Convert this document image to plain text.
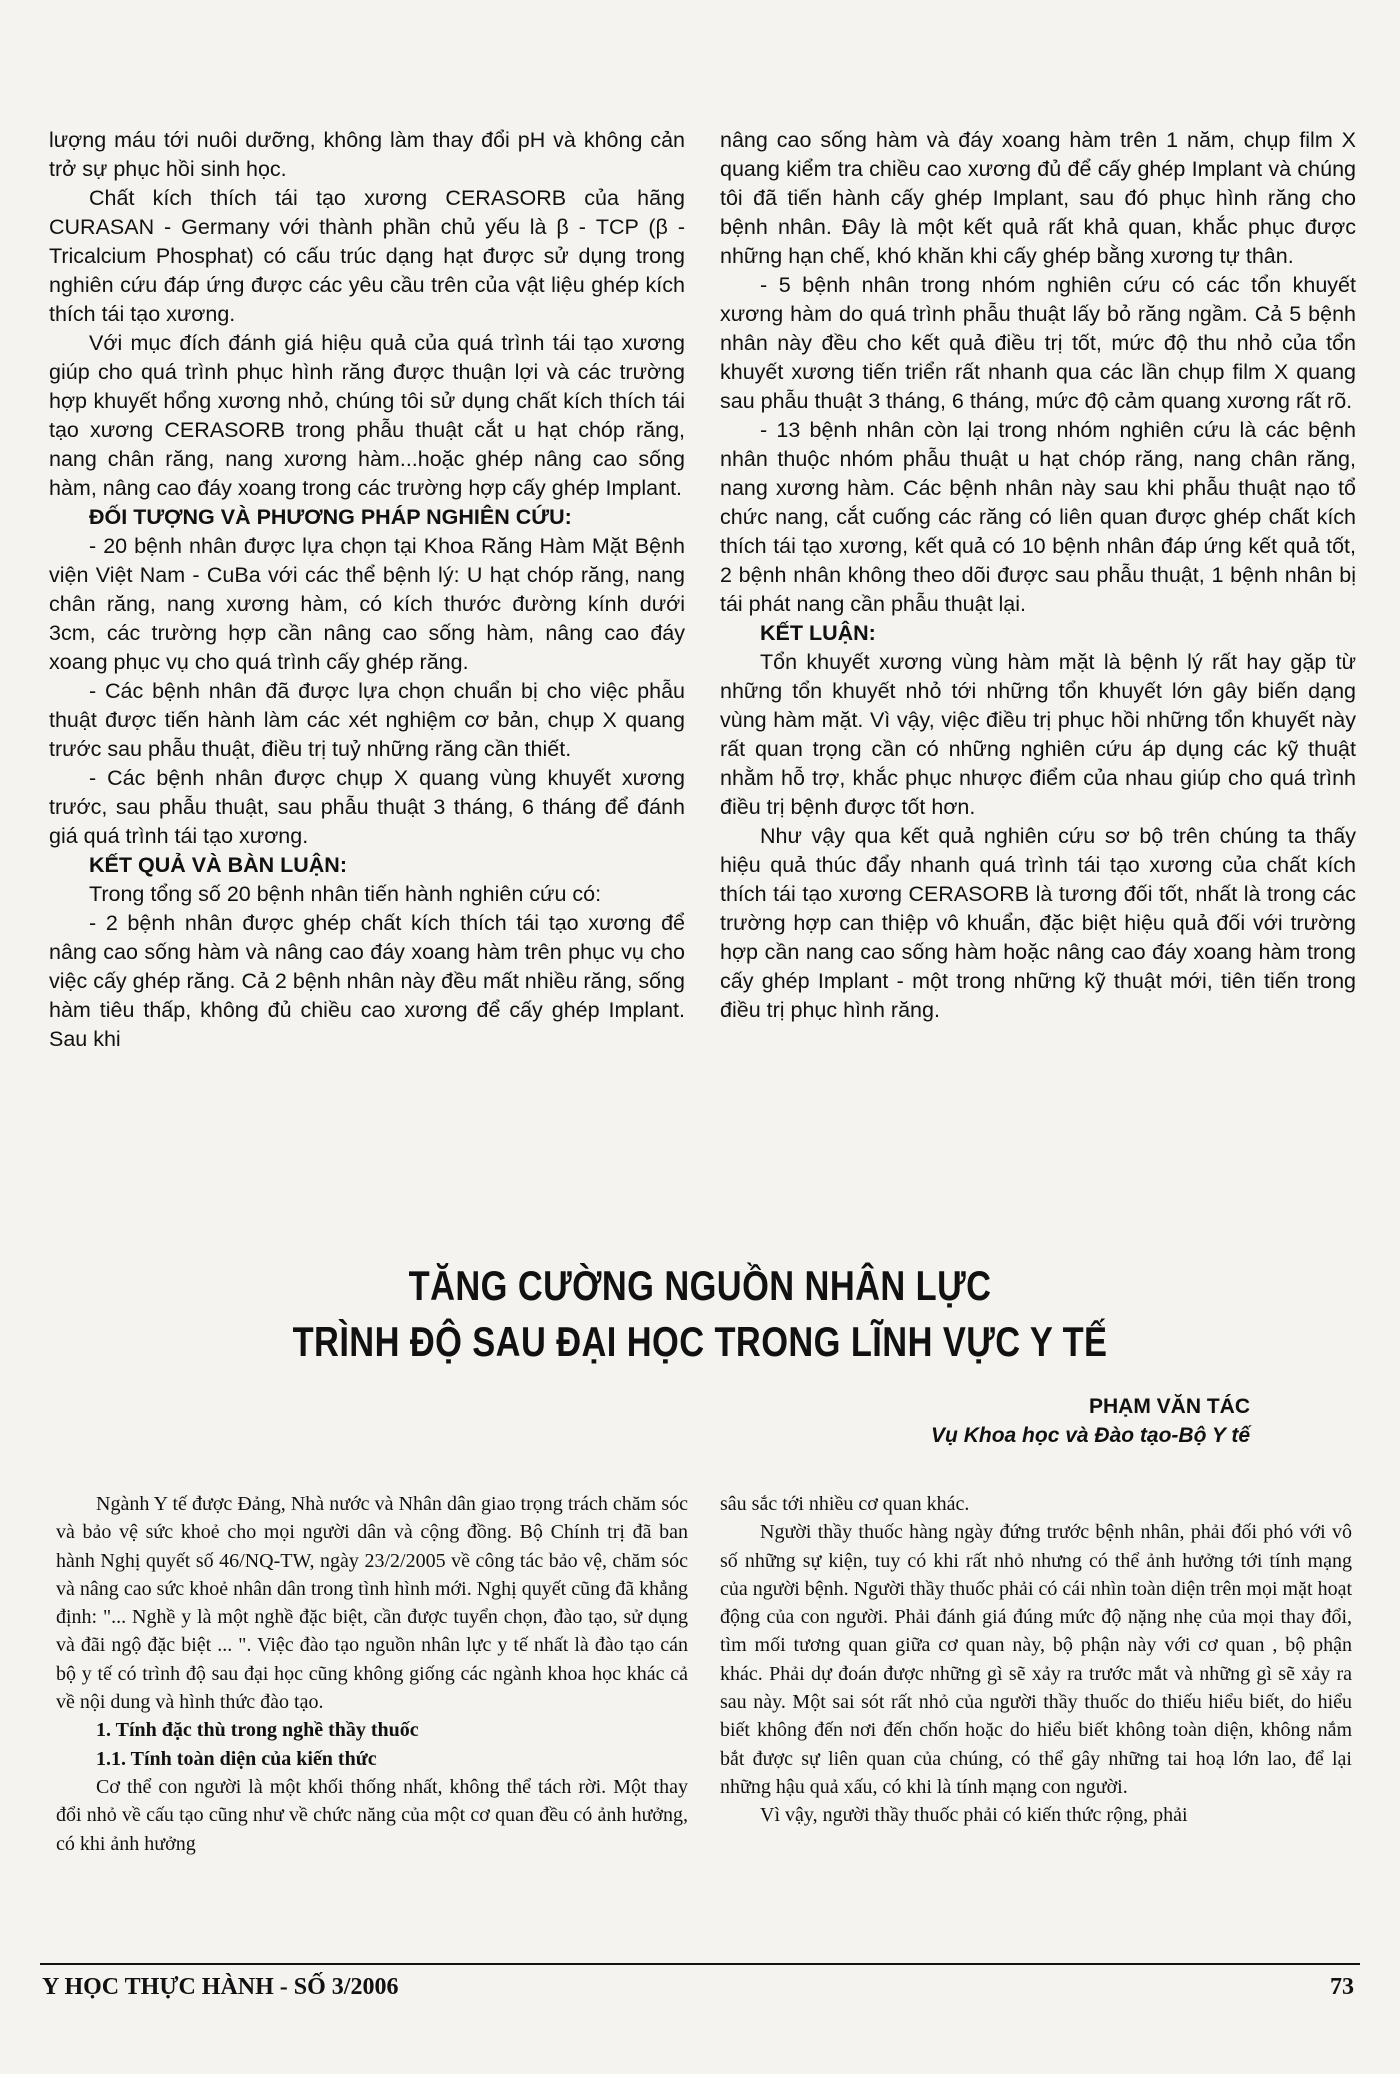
lượng máu tới nuôi dưỡng, không làm thay đổi pH và không cản trở sự phục hồi sinh học.

Chất kích thích tái tạo xương CERASORB của hãng CURASAN - Germany với thành phần chủ yếu là β - TCP (β - Tricalcium Phosphat) có cấu trúc dạng hạt được sử dụng trong nghiên cứu đáp ứng được các yêu cầu trên của vật liệu ghép kích thích tái tạo xương.

Với mục đích đánh giá hiệu quả của quá trình tái tạo xương giúp cho quá trình phục hình răng được thuận lợi và các trường hợp khuyết hổng xương nhỏ, chúng tôi sử dụng chất kích thích tái tạo xương CERASORB trong phẫu thuật cắt u hạt chóp răng, nang chân răng, nang xương hàm...hoặc ghép nâng cao sống hàm, nâng cao đáy xoang trong các trường hợp cấy ghép Implant.

ĐỐI TƯỢNG VÀ PHƯƠNG PHÁP NGHIÊN CỨU:

- 20 bệnh nhân được lựa chọn tại Khoa Răng Hàm Mặt Bệnh viện Việt Nam - CuBa với các thể bệnh lý: U hạt chóp răng, nang chân răng, nang xương hàm, có kích thước đường kính dưới 3cm, các trường hợp cần nâng cao sống hàm, nâng cao đáy xoang phục vụ cho quá trình cấy ghép răng.

- Các bệnh nhân đã được lựa chọn chuẩn bị cho việc phẫu thuật được tiến hành làm các xét nghiệm cơ bản, chụp X quang trước sau phẫu thuật, điều trị tuỷ những răng cần thiết.

- Các bệnh nhân được chụp X quang vùng khuyết xương trước, sau phẫu thuật, sau phẫu thuật 3 tháng, 6 tháng để đánh giá quá trình tái tạo xương.

KẾT QUẢ VÀ BÀN LUẬN:

Trong tổng số 20 bệnh nhân tiến hành nghiên cứu có:

- 2 bệnh nhân được ghép chất kích thích tái tạo xương để nâng cao sống hàm và nâng cao đáy xoang hàm trên phục vụ cho việc cấy ghép răng. Cả 2 bệnh nhân này đều mất nhiều răng, sống hàm tiêu thấp, không đủ chiều cao xương để cấy ghép Implant. Sau khi

nâng cao sống hàm và đáy xoang hàm trên 1 năm, chụp film X quang kiểm tra chiều cao xương đủ để cấy ghép Implant và chúng tôi đã tiến hành cấy ghép Implant, sau đó phục hình răng cho bệnh nhân. Đây là một kết quả rất khả quan, khắc phục được những hạn chế, khó khăn khi cấy ghép bằng xương tự thân.

- 5 bệnh nhân trong nhóm nghiên cứu có các tổn khuyết xương hàm do quá trình phẫu thuật lấy bỏ răng ngầm. Cả 5 bệnh nhân này đều cho kết quả điều trị tốt, mức độ thu nhỏ của tổn khuyết xương tiến triển rất nhanh qua các lần chụp film X quang sau phẫu thuật 3 tháng, 6 tháng, mức độ cảm quang xương rất rõ.

- 13 bệnh nhân còn lại trong nhóm nghiên cứu là các bệnh nhân thuộc nhóm phẫu thuật u hạt chóp răng, nang chân răng, nang xương hàm. Các bệnh nhân này sau khi phẫu thuật nạo tổ chức nang, cắt cuống các răng có liên quan được ghép chất kích thích tái tạo xương, kết quả có 10 bệnh nhân đáp ứng kết quả tốt, 2 bệnh nhân không theo dõi được sau phẫu thuật, 1 bệnh nhân bị tái phát nang cần phẫu thuật lại.

KẾT LUẬN:

Tổn khuyết xương vùng hàm mặt là bệnh lý rất hay gặp từ những tổn khuyết nhỏ tới những tổn khuyết lớn gây biến dạng vùng hàm mặt. Vì vậy, việc điều trị phục hồi những tổn khuyết này rất quan trọng cần có những nghiên cứu áp dụng các kỹ thuật nhằm hỗ trợ, khắc phục nhược điểm của nhau giúp cho quá trình điều trị bệnh được tốt hơn.

Như vậy qua kết quả nghiên cứu sơ bộ trên chúng ta thấy hiệu quả thúc đẩy nhanh quá trình tái tạo xương của chất kích thích tái tạo xương CERASORB là tương đối tốt, nhất là trong các trường hợp can thiệp vô khuẩn, đặc biệt hiệu quả đối với trường hợp cần nang cao sống hàm hoặc nâng cao đáy xoang hàm trong cấy ghép Implant - một trong những kỹ thuật mới, tiên tiến trong điều trị phục hình răng.

TĂNG CƯỜNG NGUỒN NHÂN LỰC
TRÌNH ĐỘ SAU ĐẠI HỌC TRONG LĨNH VỰC Y TẾ
PHẠM VĂN TÁC
Vụ Khoa học và Đào tạo-Bộ Y tế

Ngành Y tế được Đảng, Nhà nước và Nhân dân giao trọng trách chăm sóc và bảo vệ sức khoẻ cho mọi người dân và cộng đồng. Bộ Chính trị đã ban hành Nghị quyết số 46/NQ-TW, ngày 23/2/2005 về công tác bảo vệ, chăm sóc và nâng cao sức khoẻ nhân dân trong tình hình mới. Nghị quyết cũng đã khẳng định: "... Nghề y là một nghề đặc biệt, cần được tuyển chọn, đào tạo, sử dụng và đãi ngộ đặc biệt ... ". Việc đào tạo nguồn nhân lực y tế nhất là đào tạo cán bộ y tế có trình độ sau đại học cũng không giống các ngành khoa học khác cả về nội dung và hình thức đào tạo.

1. Tính đặc thù trong nghề thầy thuốc
1.1. Tính toàn diện của kiến thức

Cơ thể con người là một khối thống nhất, không thể tách rời. Một thay đổi nhỏ về cấu tạo cũng như về chức năng của một cơ quan đều có ảnh hưởng, có khi ảnh hưởng

sâu sắc tới nhiều cơ quan khác.

Người thầy thuốc hàng ngày đứng trước bệnh nhân, phải đối phó với vô số những sự kiện, tuy có khi rất nhỏ nhưng có thể ảnh hưởng tới tính mạng của người bệnh. Người thầy thuốc phải có cái nhìn toàn diện trên mọi mặt hoạt động của con người. Phải đánh giá đúng mức độ nặng nhẹ của mọi thay đổi, tìm mối tương quan giữa cơ quan này, bộ phận này với cơ quan , bộ phận khác. Phải dự đoán được những gì sẽ xảy ra trước mắt và những gì sẽ xảy ra sau này. Một sai sót rất nhỏ của người thầy thuốc do thiếu hiểu biết, do hiểu biết không đến nơi đến chốn hoặc do hiểu biết không toàn diện, không nắm bắt được sự liên quan của chúng, có thể gây những tai hoạ lớn lao, để lại những hậu quả xấu, có khi là tính mạng con người.

Vì vậy, người thầy thuốc phải có kiến thức rộng, phải

Y HỌC THỰC HÀNH - SỐ 3/2006	73
